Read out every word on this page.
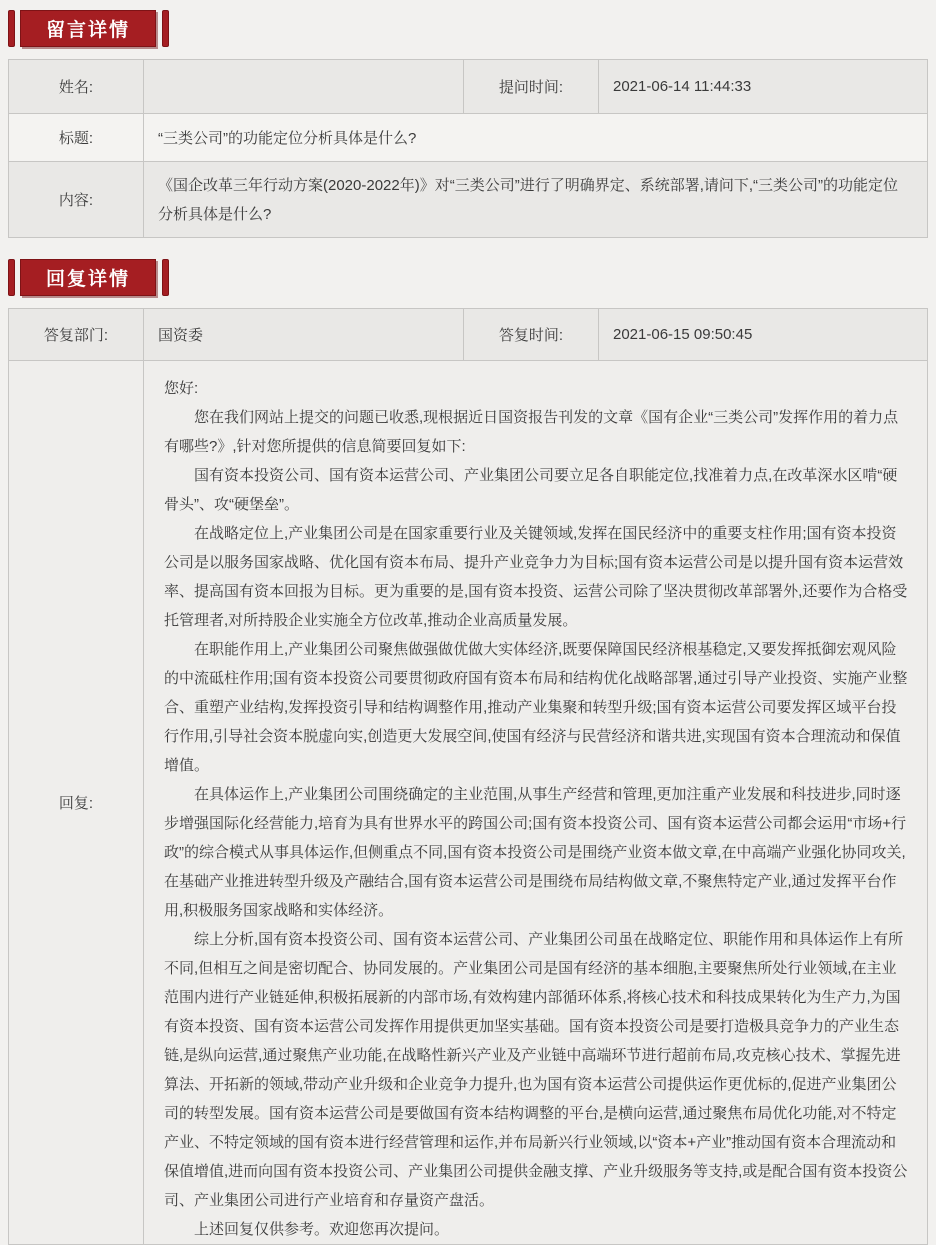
留言详情
姓名:		提问时间:	2021-06-14 11:44:33
标题:	“三类公司”的功能定位分析具体是什么?		
内容:	《国企改革三年行动方案(2020-2022年)》对“三类公司”进行了明确界定、系统部署,请问下,“三类公司”的功能定位分析具体是什么?		
回复详情
答复部门:	国资委	答复时间:	2021-06-15 09:50:45
回复:	

您好:

您在我们网站上提交的问题已收悉,现根据近日国资报告刊发的文章《国有企业“三类公司”发挥作用的着力点有哪些?》,针对您所提供的信息简要回复如下:

国有资本投资公司、国有资本运营公司、产业集团公司要立足各自职能定位,找准着力点,在改革深水区啃“硬骨头”、攻“硬堡垒”。

在战略定位上,产业集团公司是在国家重要行业及关键领域,发挥在国民经济中的重要支柱作用;国有资本投资公司是以服务国家战略、优化国有资本布局、提升产业竞争力为目标;国有资本运营公司是以提升国有资本运营效率、提高国有资本回报为目标。更为重要的是,国有资本投资、运营公司除了坚决贯彻改革部署外,还要作为合格受托管理者,对所持股企业实施全方位改革,推动企业高质量发展。

在职能作用上,产业集团公司聚焦做强做优做大实体经济,既要保障国民经济根基稳定,又要发挥抵御宏观风险的中流砥柱作用;国有资本投资公司要贯彻政府国有资本布局和结构优化战略部署,通过引导产业投资、实施产业整合、重塑产业结构,发挥投资引导和结构调整作用,推动产业集聚和转型升级;国有资本运营公司要发挥区域平台投行作用,引导社会资本脱虚向实,创造更大发展空间,使国有经济与民营经济和谐共进,实现国有资本合理流动和保值增值。

在具体运作上,产业集团公司围绕确定的主业范围,从事生产经营和管理,更加注重产业发展和科技进步,同时逐步增强国际化经营能力,培育为具有世界水平的跨国公司;国有资本投资公司、国有资本运营公司都会运用“市场+行政”的综合模式从事具体运作,但侧重点不同,国有资本投资公司是围绕产业资本做文章,在中高端产业强化协同攻关,在基础产业推进转型升级及产融结合,国有资本运营公司是围绕布局结构做文章,不聚焦特定产业,通过发挥平台作用,积极服务国家战略和实体经济。

综上分析,国有资本投资公司、国有资本运营公司、产业集团公司虽在战略定位、职能作用和具体运作上有所不同,但相互之间是密切配合、协同发展的。产业集团公司是国有经济的基本细胞,主要聚焦所处行业领域,在主业范围内进行产业链延伸,积极拓展新的内部市场,有效构建内部循环体系,将核心技术和科技成果转化为生产力,为国有资本投资、国有资本运营公司发挥作用提供更加坚实基础。国有资本投资公司是要打造极具竞争力的产业生态链,是纵向运营,通过聚焦产业功能,在战略性新兴产业及产业链中高端环节进行超前布局,攻克核心技术、掌握先进算法、开拓新的领域,带动产业升级和企业竞争力提升,也为国有资本运营公司提供运作更优标的,促进产业集团公司的转型发展。国有资本运营公司是要做国有资本结构调整的平台,是横向运营,通过聚焦布局优化功能,对不特定产业、不特定领域的国有资本进行经营管理和运作,并布局新兴行业领域,以“资本+产业”推动国有资本合理流动和保值增值,进而向国有资本投资公司、产业集团公司提供金融支撑、产业升级服务等支持,或是配合国有资本投资公司、产业集团公司进行产业培育和存量资产盘活。

上述回复仅供参考。欢迎您再次提问。
